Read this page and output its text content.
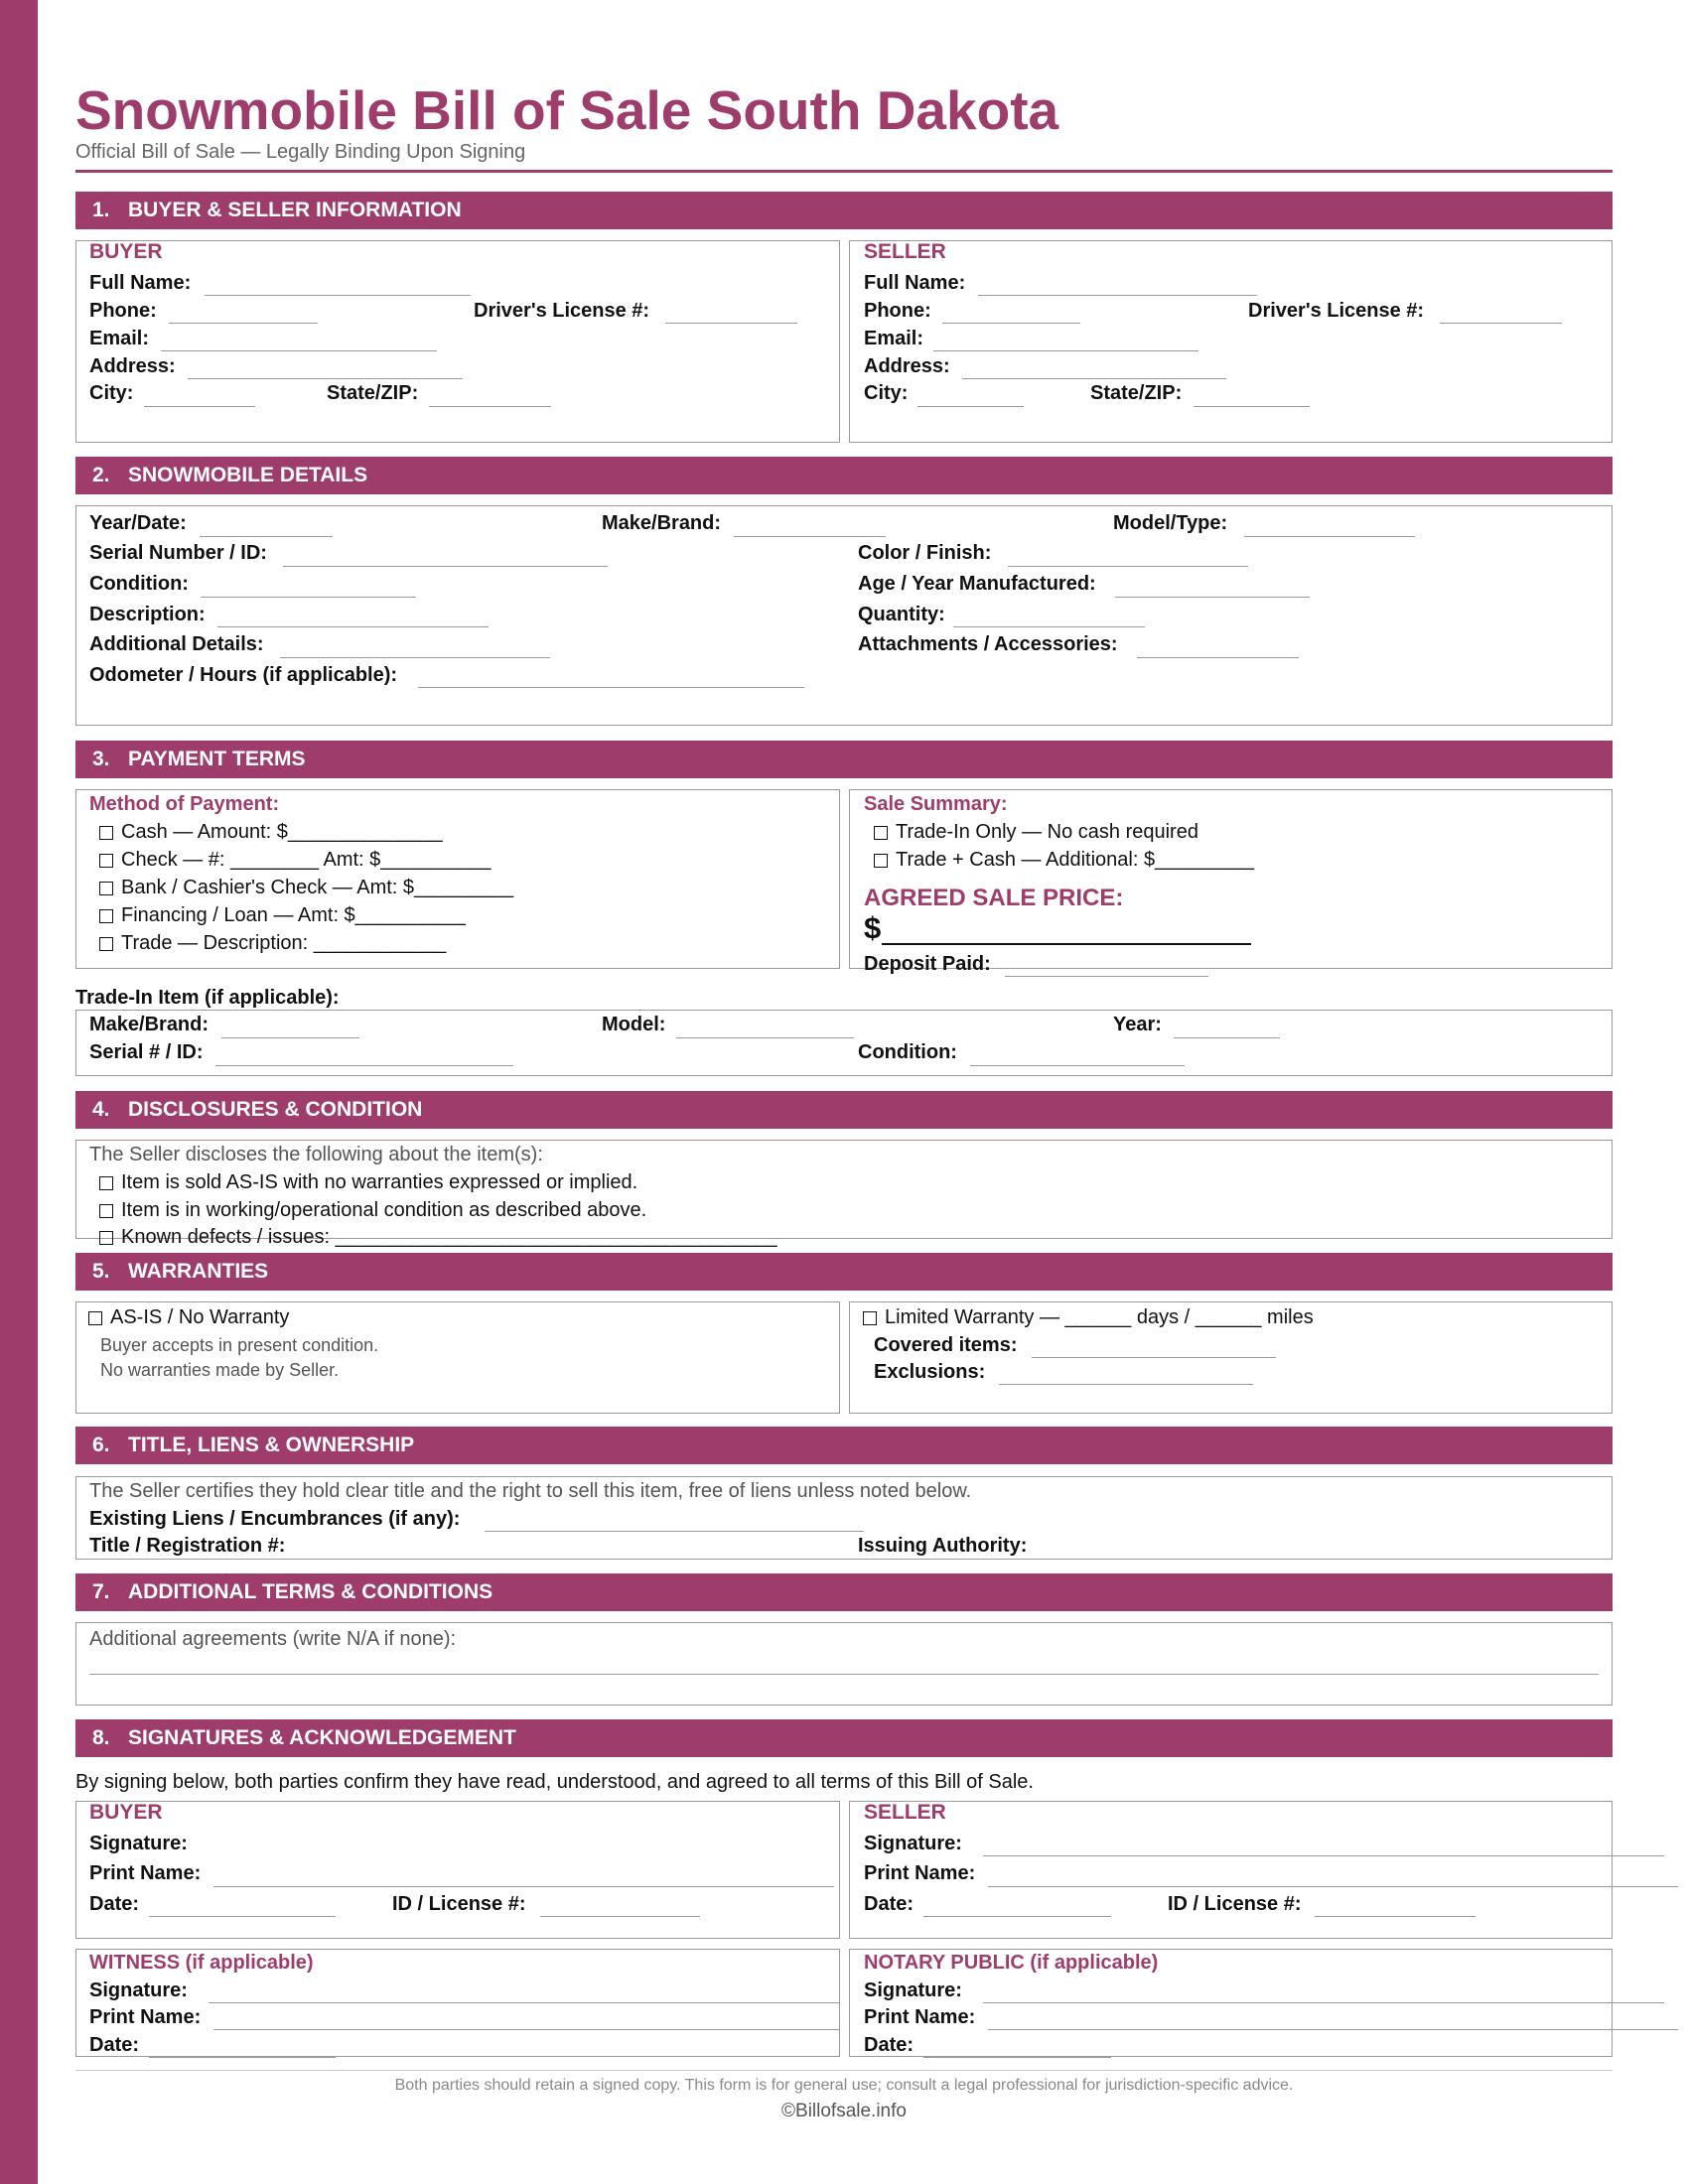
Snowmobile Bill of Sale South Dakota
Official Bill of Sale — Legally Binding Upon Signing
1. BUYER & SELLER INFORMATION
BUYER
Full Name:
Phone:	Driver's License #:
Email:
Address:
City:	State/ZIP:
SELLER
Full Name:
Phone:	Driver's License #:
Email:
Address:
City:	State/ZIP:
2. SNOWMOBILE DETAILS
Year/Date:	Make/Brand:	Model/Type:
Serial Number / ID:	Color / Finish:
Condition:	Age / Year Manufactured:
Description:	Quantity:
Additional Details:	Attachments / Accessories:
Odometer / Hours (if applicable):
3. PAYMENT TERMS
Method of Payment:
Cash — Amount: $______________
Check — #: ________ Amt: $__________
Bank / Cashier's Check — Amt: $_________
Financing / Loan — Amt: $__________
Trade — Description: ____________
Sale Summary:
Trade-In Only — No cash required
Trade + Cash — Additional: $_________
AGREED SALE PRICE:
$
Deposit Paid:
Trade-In Item (if applicable):
Make/Brand:	Model:	Year:
Serial # / ID:	Condition:
4. DISCLOSURES & CONDITION
The Seller discloses the following about the item(s):
Item is sold AS-IS with no warranties expressed or implied.
Item is in working/operational condition as described above.
Known defects / issues: ________________________________________
5. WARRANTIES
AS-IS / No Warranty
Buyer accepts in present condition.
No warranties made by Seller.
Limited Warranty — ______ days / ______ miles
Covered items:
Exclusions:
6. TITLE, LIENS & OWNERSHIP
The Seller certifies they hold clear title and the right to sell this item, free of liens unless noted below.
Existing Liens / Encumbrances (if any):
Title / Registration #:	Issuing Authority:
7. ADDITIONAL TERMS & CONDITIONS
Additional agreements (write N/A if none):
8. SIGNATURES & ACKNOWLEDGEMENT
By signing below, both parties confirm they have read, understood, and agreed to all terms of this Bill of Sale.
BUYER
Signature:
Print Name:
Date:	ID / License #:
SELLER
Signature:
Print Name:
Date:	ID / License #:
WITNESS (if applicable)
Signature:
Print Name:
Date:
NOTARY PUBLIC (if applicable)
Signature:
Print Name:
Date:
Both parties should retain a signed copy. This form is for general use; consult a legal professional for jurisdiction-specific advice.
©Billofsale.info
